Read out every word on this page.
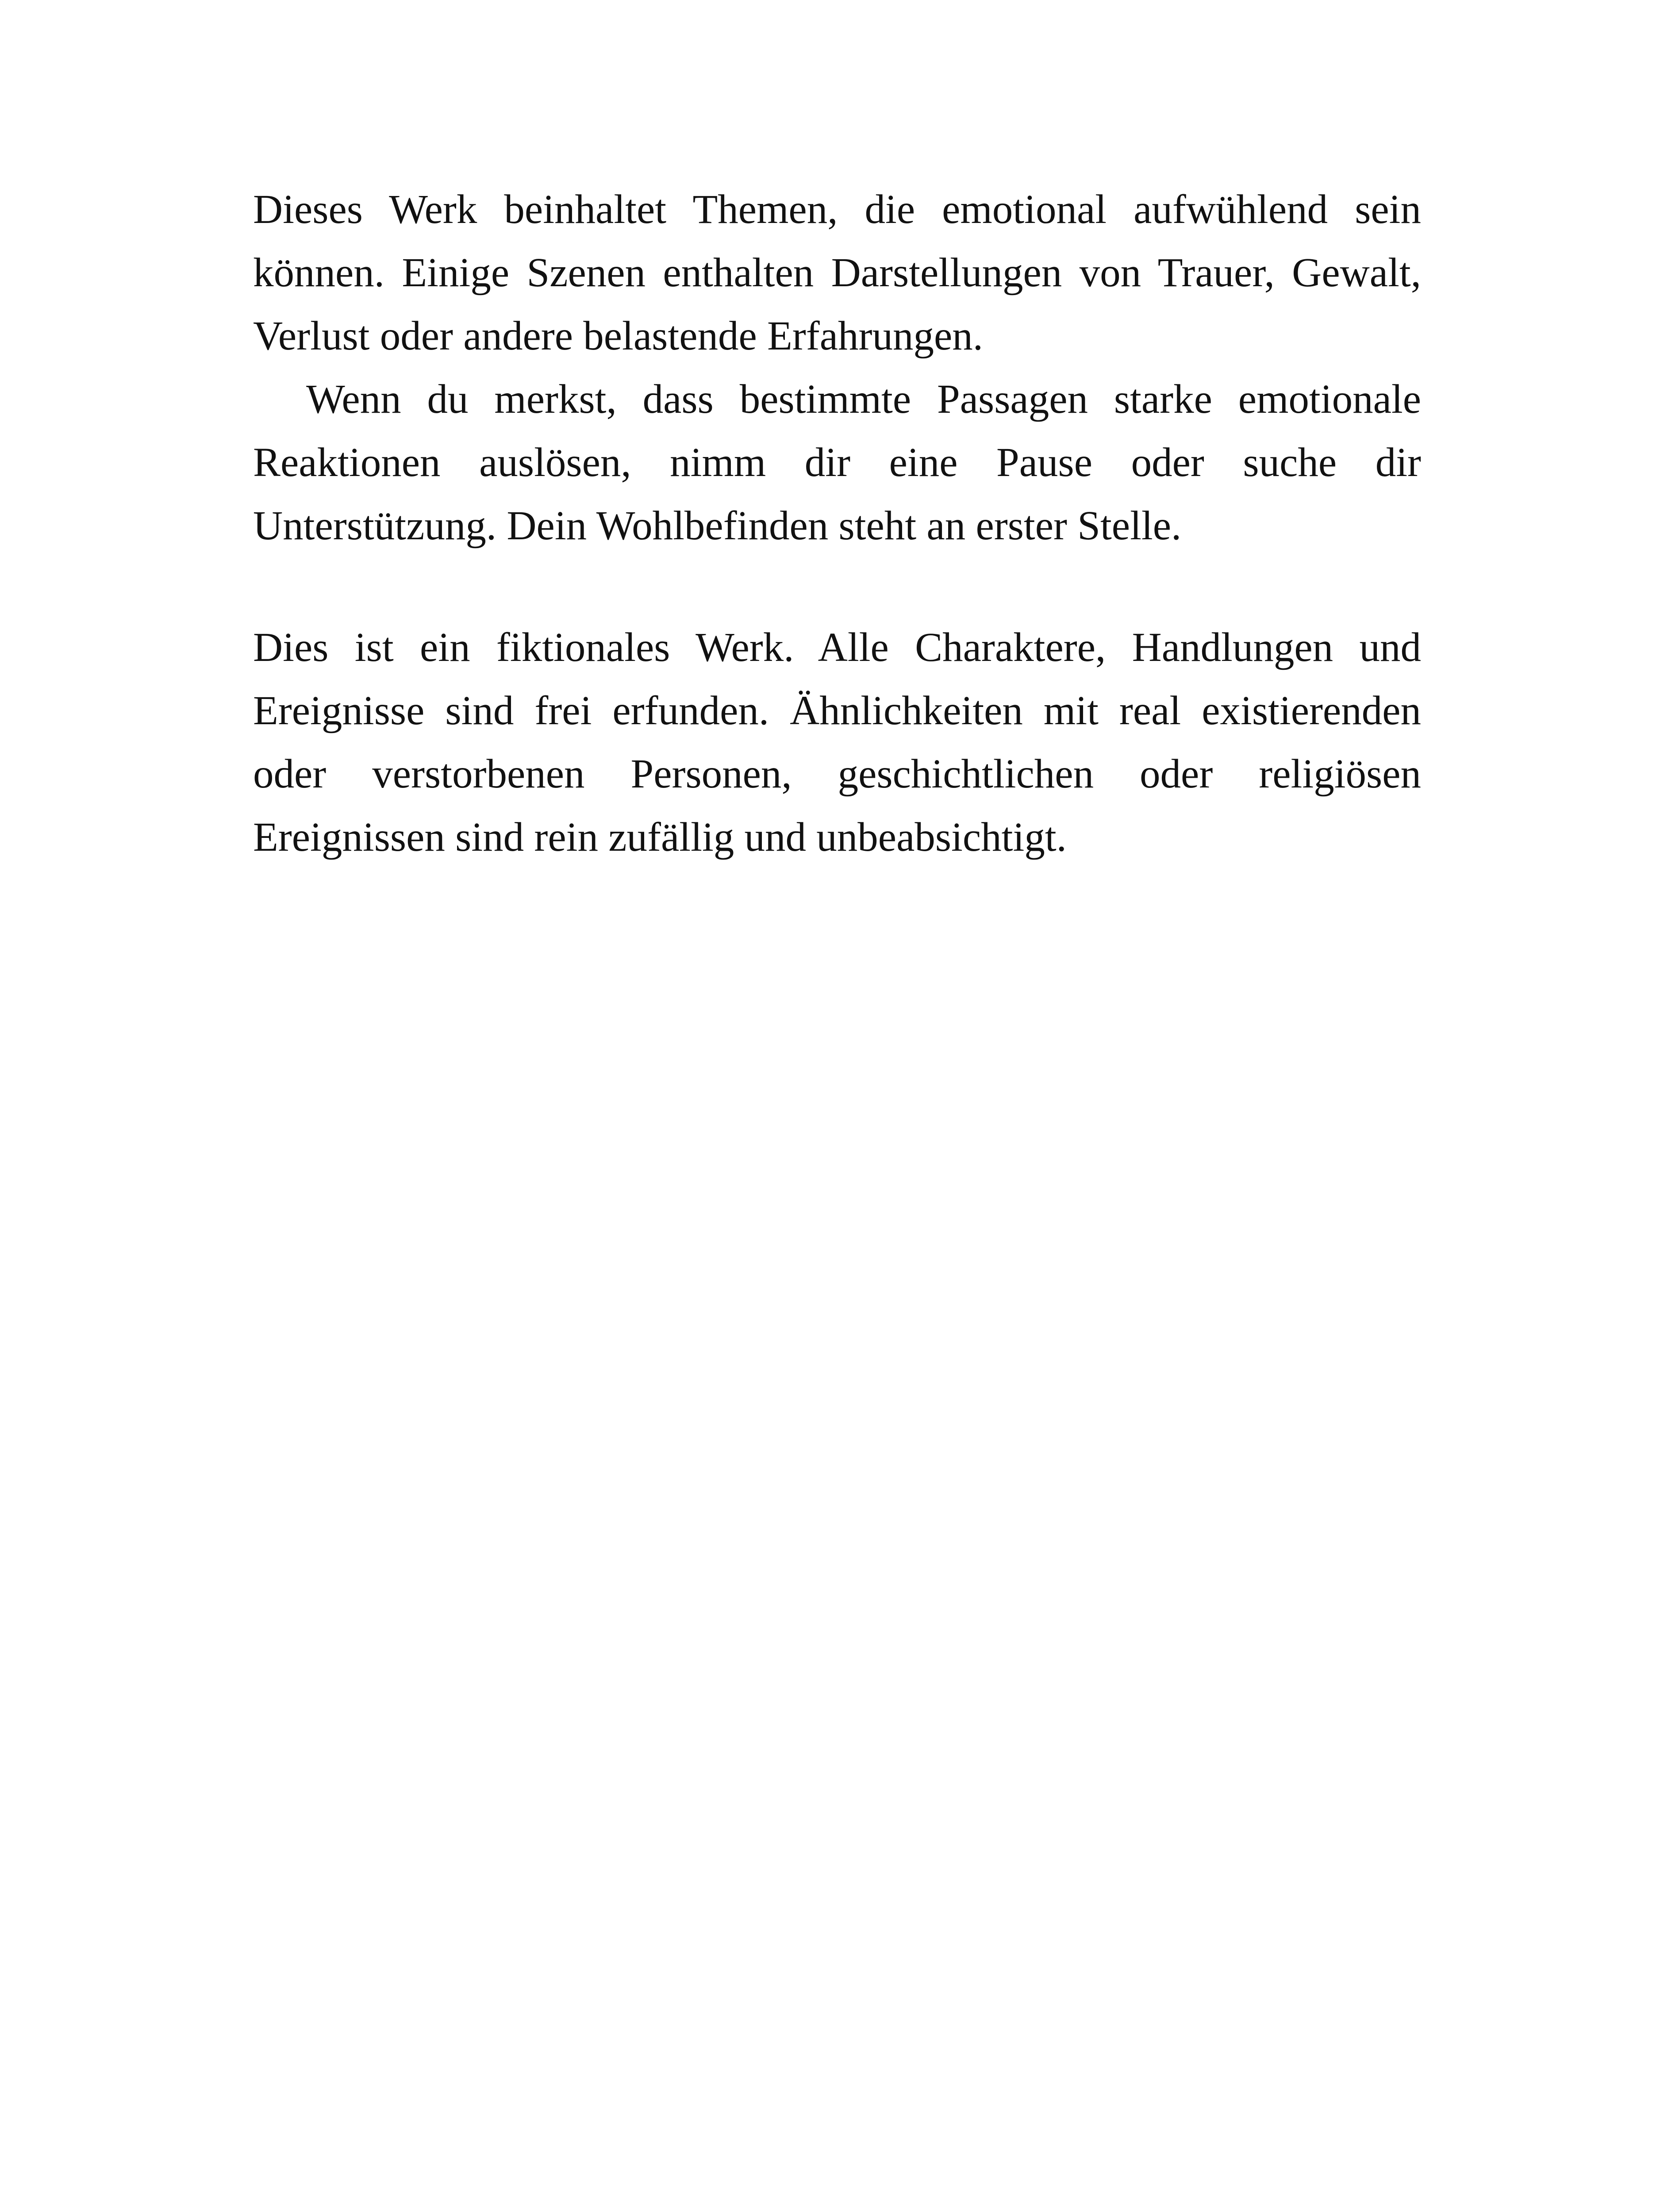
Dieses Werk beinhaltet Themen, die emotional aufwühlend sein können. Einige Szenen enthalten Darstellungen von Trauer, Gewalt, Verlust oder andere belastende Erfahrungen.

Wenn du merkst, dass bestimmte Passagen starke emotionale Reaktionen auslösen, nimm dir eine Pause oder suche dir Unterstützung. Dein Wohlbefinden steht an erster Stelle.

Dies ist ein fiktionales Werk. Alle Charaktere, Handlungen und Ereignisse sind frei erfunden. Ähnlichkeiten mit real existierenden oder verstorbenen Personen, geschichtlichen oder religiösen Ereignissen sind rein zufällig und unbeabsichtigt.
